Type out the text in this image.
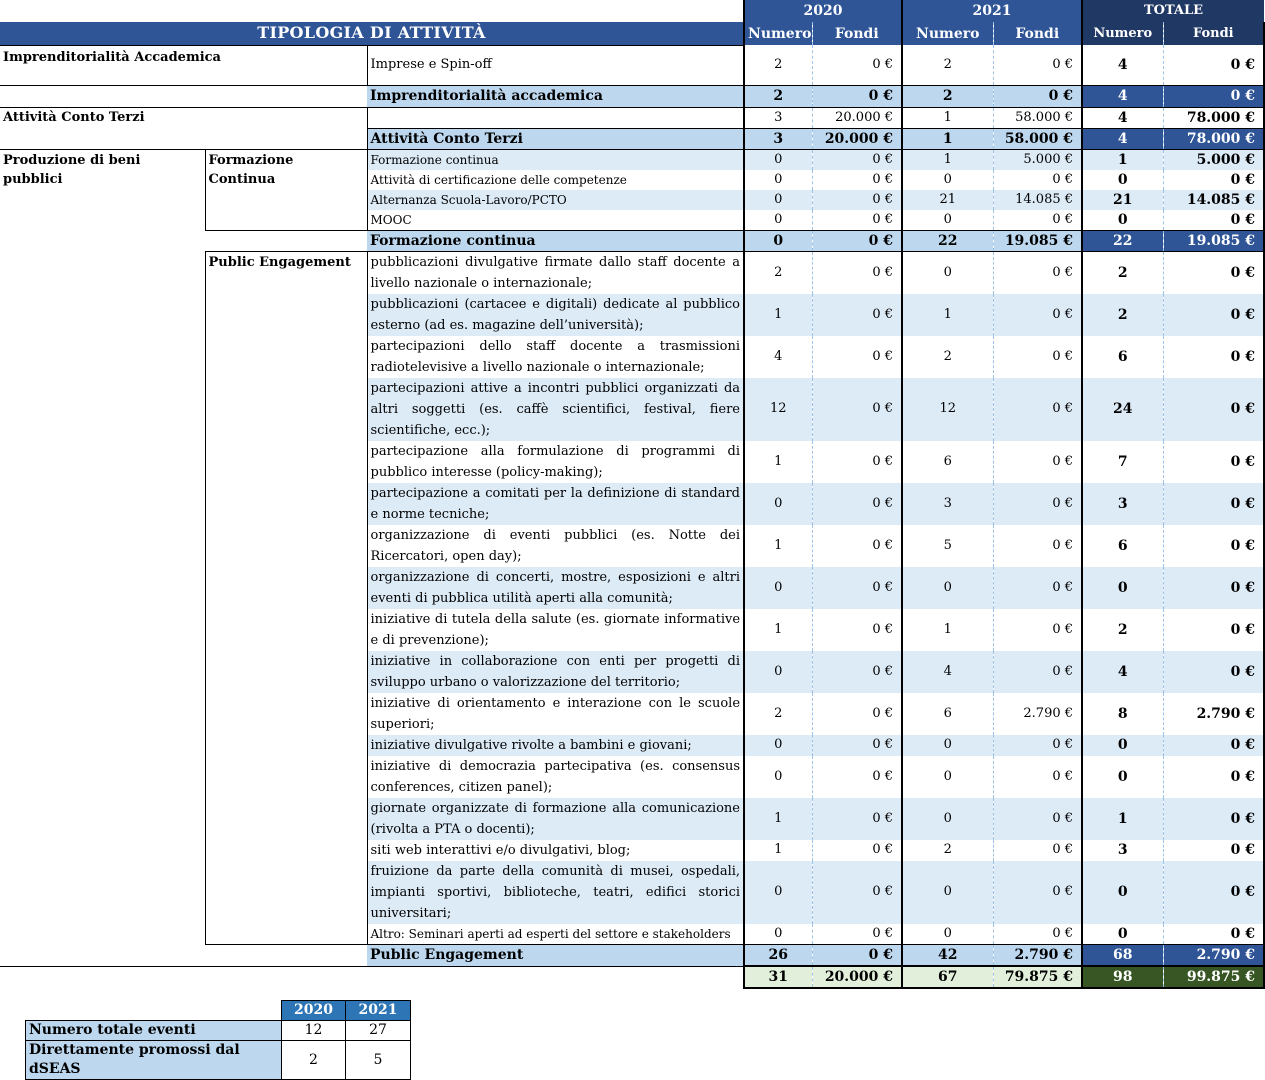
			2020		2021		TOTALE	
TIPOLOGIA DI ATTIVITÀ			Numero	Fondi	Numero	Fondi	Numero	Fondi
Imprenditorialità Accademica		Imprese e Spin-off	2	0 €	2	0 €	4	0 €
		Imprenditorialità accademica	2	0 €	2	0 €	4	0 €
Attività Conto Terzi			3	20.000 €	1	58.000 €	4	78.000 €
		Attività Conto Terzi	3	20.000 €	1	58.000 €	4	78.000 €
Produzione di beni pubblici	Formazione Continua	Formazione continua	0	0 €	1	5.000 €	1	5.000 €
		Attività di certificazione delle competenze	0	0 €	0	0 €	0	0 €
		Alternanza Scuola-Lavoro/PCTO	0	0 €	21	14.085 €	21	14.085 €
		MOOC	0	0 €	0	0 €	0	0 €
		Formazione continua	0	0 €	22	19.085 €	22	19.085 €
	Public Engagement	pubblicazioni divulgative firmate dallo staff docente a livello nazionale o internazionale;	2	0 €	0	0 €	2	0 €
		pubblicazioni (cartacee e digitali) dedicate al pubblico esterno (ad es. magazine dell’università);	1	0 €	1	0 €	2	0 €
		partecipazioni dello staff docente a trasmissioni radiotelevisive a livello nazionale o internazionale;	4	0 €	2	0 €	6	0 €
		partecipazioni attive a incontri pubblici organizzati da altri soggetti (es. caffè scientifici, festival, fiere scientifiche, ecc.);	12	0 €	12	0 €	24	0 €
		partecipazione alla formulazione di programmi di pubblico interesse (policy-making);	1	0 €	6	0 €	7	0 €
		partecipazione a comitati per la definizione di standard e norme tecniche;	0	0 €	3	0 €	3	0 €
		organizzazione di eventi pubblici (es. Notte dei Ricercatori, open day);	1	0 €	5	0 €	6	0 €
		organizzazione di concerti, mostre, esposizioni e altri eventi di pubblica utilità aperti alla comunità;	0	0 €	0	0 €	0	0 €
		iniziative di tutela della salute (es. giornate informative e di prevenzione);	1	0 €	1	0 €	2	0 €
		iniziative in collaborazione con enti per progetti di sviluppo urbano o valorizzazione del territorio;	0	0 €	4	0 €	4	0 €
		iniziative di orientamento e interazione con le scuole superiori;	2	0 €	6	2.790 €	8	2.790 €
		iniziative divulgative rivolte a bambini e giovani;	0	0 €	0	0 €	0	0 €
		iniziative di democrazia partecipativa (es. consensus conferences, citizen panel);	0	0 €	0	0 €	0	0 €
		giornate organizzate di formazione alla comunicazione (rivolta a PTA o docenti);	1	0 €	0	0 €	1	0 €
		siti web interattivi e/o divulgativi, blog;	1	0 €	2	0 €	3	0 €
		fruizione da parte della comunità di musei, ospedali, impianti sportivi, biblioteche, teatri, edifici storici universitari;	0	0 €	0	0 €	0	0 €
		Altro: Seminari aperti ad esperti del settore e stakeholders	0	0 €	0	0 €	0	0 €
		Public Engagement	26	0 €	42	2.790 €	68	2.790 €
			31	20.000 €	67	79.875 €	98	99.875 €
	2020	2021
Numero totale eventi	12	27
Direttamente promossi dal dSEAS	2	5
